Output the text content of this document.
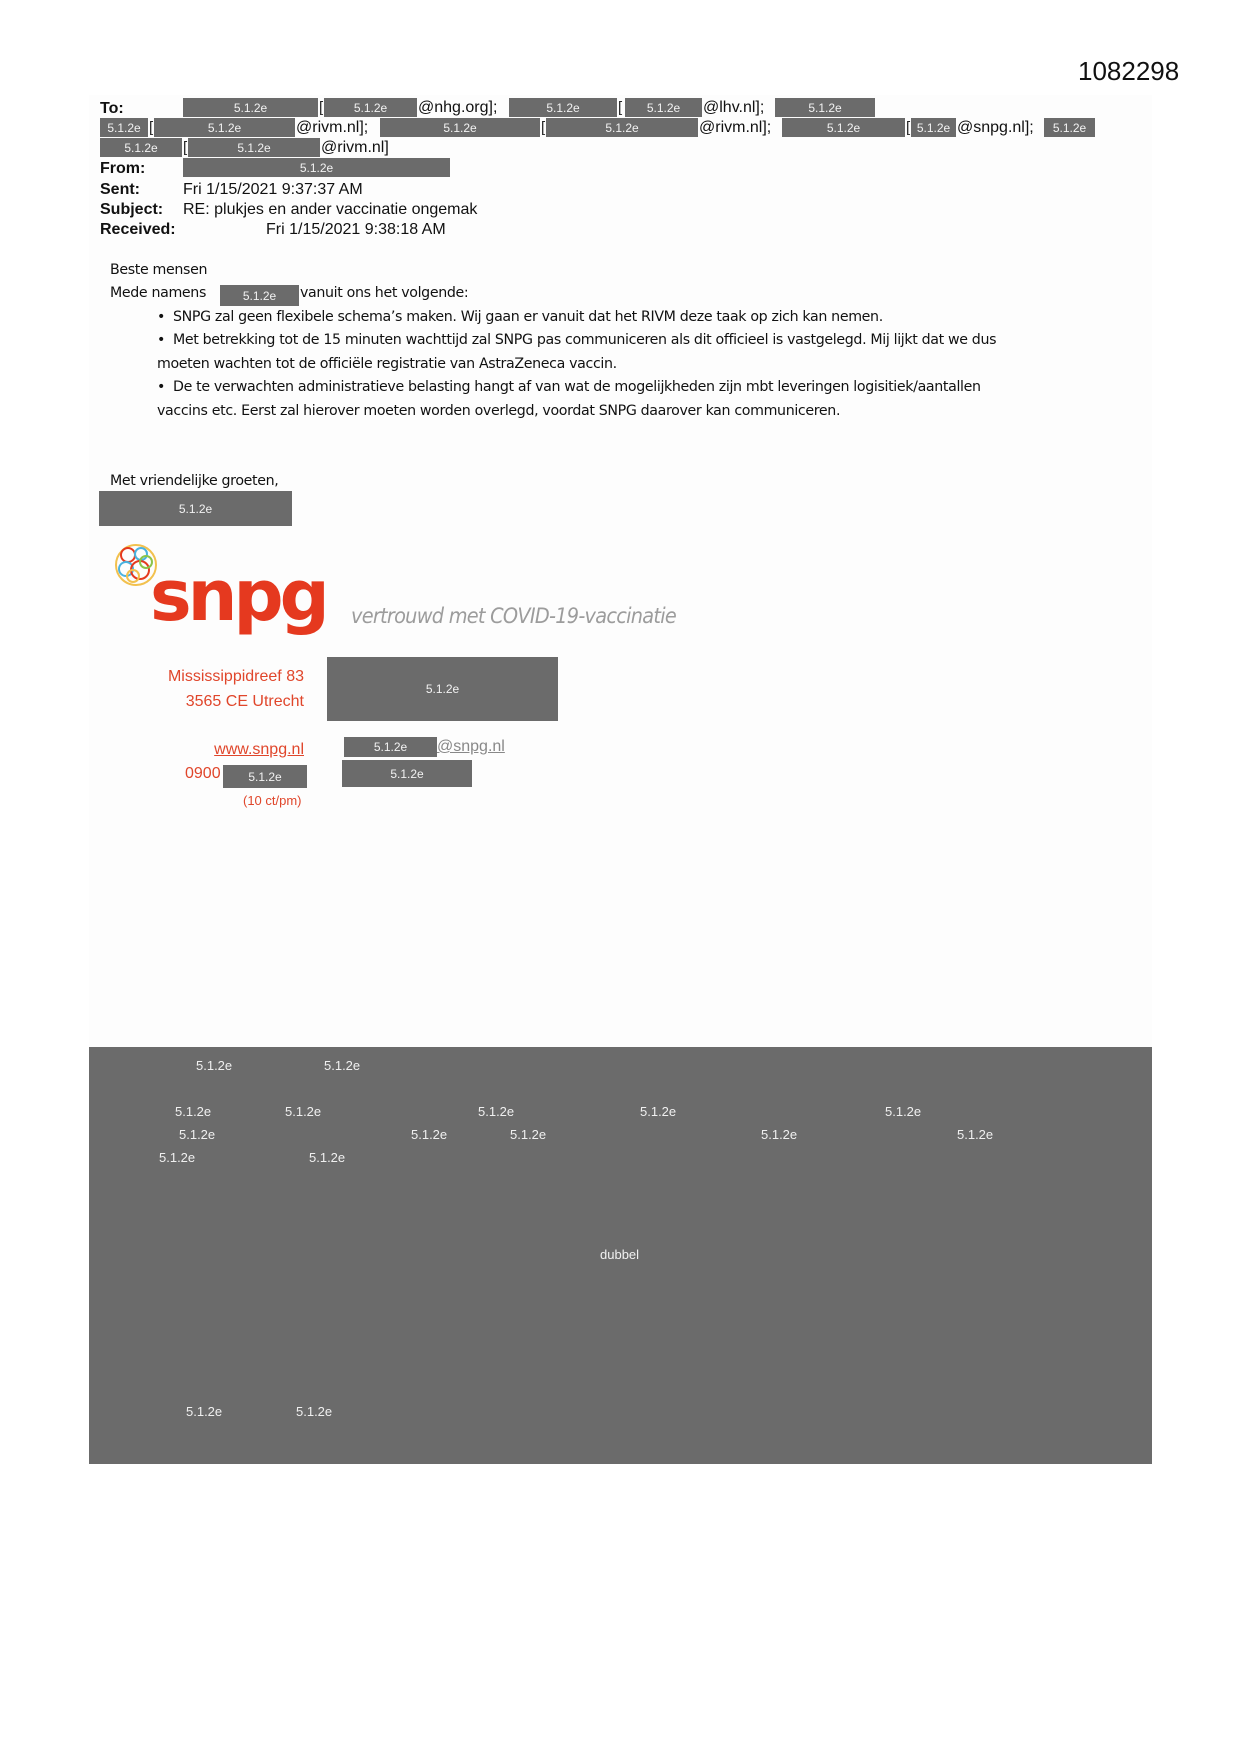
1082298
To:	5.1.2e	[	5.1.2e	@nhg.org];	5.1.2e	[	5.1.2e	@lhv.nl];	5.1.2e
5.1.2e [	5.1.2e	@rivm.nl];	5.1.2e	[	5.1.2e	@rivm.nl];	5.1.2e	[ 5.1.2e @snpg.nl];	5.1.2e
5.1.2e	[	5.1.2e	@rivm.nl]
From:	5.1.2e
Sent:	Fri 1/15/2021 9:37:37 AM
Subject: RE: plukjes en ander vaccinatie ongemak
Received:	Fri 1/15/2021 9:38:18 AM
Beste mensen
Mede namens	5.1.2e	vanuit ons het volgende:
• SNPG zal geen flexibele schema’s maken. Wij gaan er vanuit dat het RIVM deze taak op zich kan nemen.
• Met betrekking tot de 15 minuten wachttijd zal SNPG pas communiceren als dit officieel is vastgelegd. Mij lijkt dat we dus
moeten wachten tot de officiële registratie van AstraZeneca vaccin.
• De te verwachten administratieve belasting hangt af van wat de mogelijkheden zijn mbt leveringen logisitiek/aantallen
vaccins etc. Eerst zal hierover moeten worden overlegd, voordat SNPG daarover kan communiceren.
Met vriendelijke groeten,
5.1.2e
snpg vertrouwd met COVID-19-vaccinatie
Mississippidreef 83
3565 CE Utrecht
5.1.2e
www.snpg.nl	5.1.2e	@snpg.nl
0900	5.1.2e	5.1.2e
(10 ct/pm)
5.1.2e	5.1.2e
5.1.2e	5.1.2e	5.1.2e	5.1.2e	5.1.2e
5.1.2e	5.1.2e	5.1.2e	5.1.2e	5.1.2e
5.1.2e	5.1.2e
dubbel
5.1.2e	5.1.2e
